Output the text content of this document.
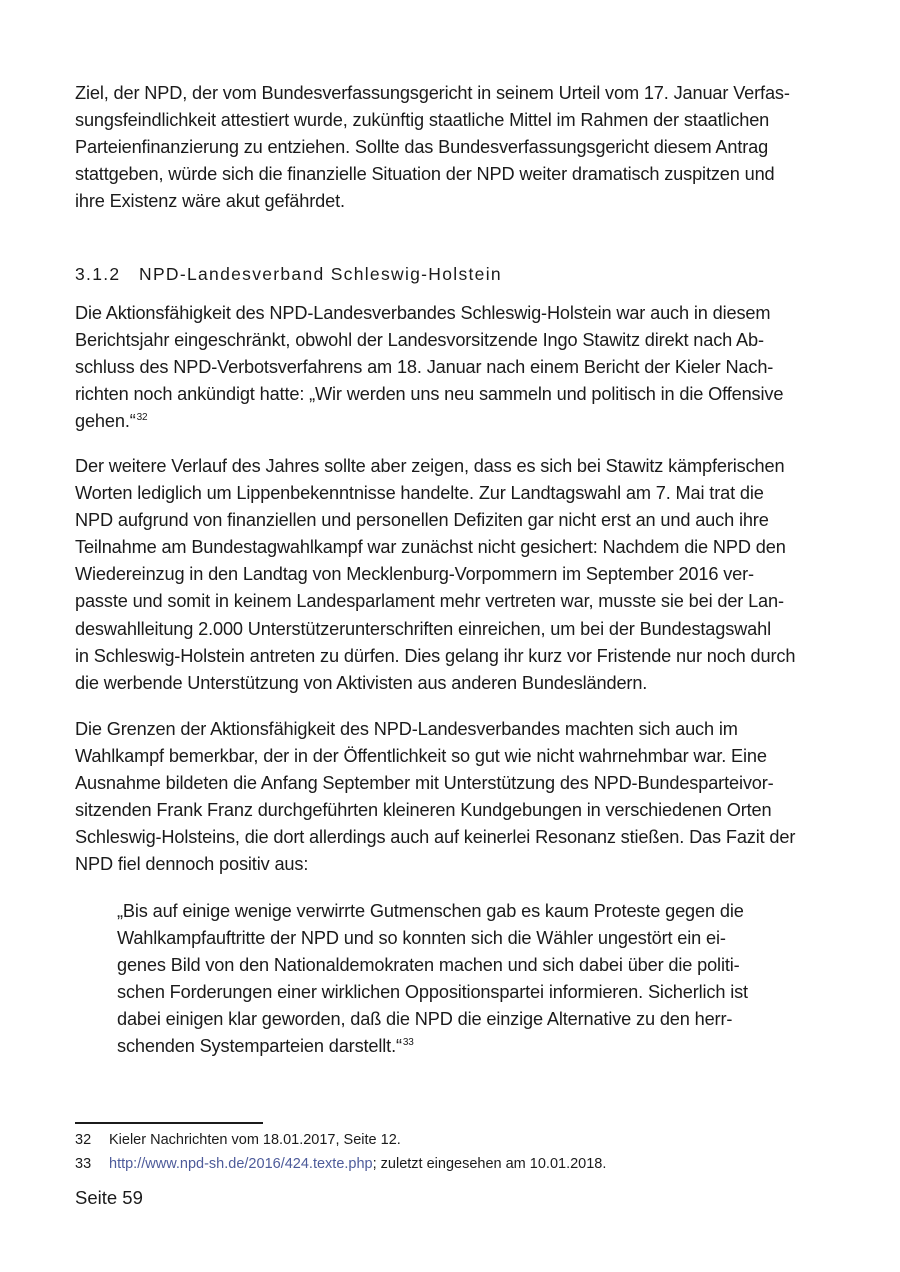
Ziel, der NPD, der vom Bundesverfassungsgericht in seinem Urteil vom 17. Januar Verfas-
sungsfeindlichkeit attestiert wurde, zukünftig staatliche Mittel im Rahmen der staatlichen
Parteienfinanzierung zu entziehen. Sollte das Bundesverfassungsgericht diesem Antrag
stattgeben, würde sich die finanzielle Situation der NPD weiter dramatisch zuspitzen und
ihre Existenz wäre akut gefährdet.
3.1.2 NPD-Landesverband Schleswig-Holstein
Die Aktionsfähigkeit des NPD-Landesverbandes Schleswig-Holstein war auch in diesem
Berichtsjahr eingeschränkt, obwohl der Landesvorsitzende Ingo Stawitz direkt nach Ab-
schluss des NPD-Verbotsverfahrens am 18. Januar nach einem Bericht der Kieler Nach-
richten noch ankündigt hatte: „Wir werden uns neu sammeln und politisch in die Offensive
gehen.“$^{32}$
Der weitere Verlauf des Jahres sollte aber zeigen, dass es sich bei Stawitz kämpferischen
Worten lediglich um Lippenbekenntnisse handelte. Zur Landtagswahl am 7. Mai trat die
NPD aufgrund von finanziellen und personellen Defiziten gar nicht erst an und auch ihre
Teilnahme am Bundestagwahlkampf war zunächst nicht gesichert: Nachdem die NPD den
Wiedereinzug in den Landtag von Mecklenburg-Vorpommern im September 2016 ver-
passte und somit in keinem Landesparlament mehr vertreten war, musste sie bei der Lan-
deswahlleitung 2.000 Unterstützerunterschriften einreichen, um bei der Bundestagswahl
in Schleswig-Holstein antreten zu dürfen. Dies gelang ihr kurz vor Fristende nur noch durch
die werbende Unterstützung von Aktivisten aus anderen Bundesländern.
Die Grenzen der Aktionsfähigkeit des NPD-Landesverbandes machten sich auch im
Wahlkampf bemerkbar, der in der Öffentlichkeit so gut wie nicht wahrnehmbar war. Eine
Ausnahme bildeten die Anfang September mit Unterstützung des NPD-Bundesparteivor-
sitzenden Frank Franz durchgeführten kleineren Kundgebungen in verschiedenen Orten
Schleswig-Holsteins, die dort allerdings auch auf keinerlei Resonanz stießen. Das Fazit der
NPD fiel dennoch positiv aus:
„Bis auf einige wenige verwirrte Gutmenschen gab es kaum Proteste gegen die
Wahlkampfauftritte der NPD und so konnten sich die Wähler ungestört ein ei-
genes Bild von den Nationaldemokraten machen und sich dabei über die politi-
schen Forderungen einer wirklichen Oppositionspartei informieren. Sicherlich ist
dabei einigen klar geworden, daß die NPD die einzige Alternative zu den herr-
schenden Systemparteien darstellt.“$^{33}$
32 Kieler Nachrichten vom 18.01.2017, Seite 12.
33 http://www.npd-sh.de/2016/424.texte.php; zuletzt eingesehen am 10.01.2018.
Seite 59
